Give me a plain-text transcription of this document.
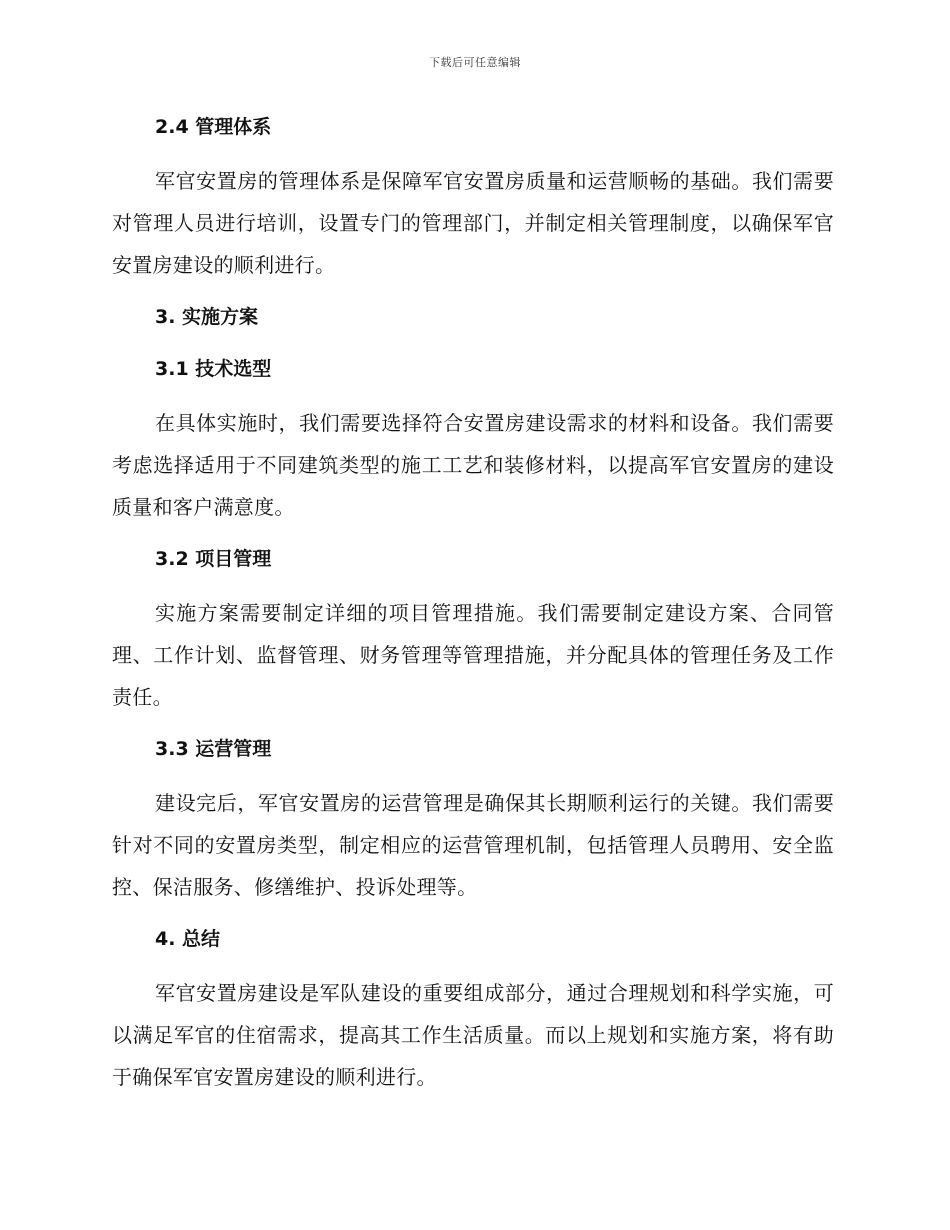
下载后可任意编辑
2.4 管理体系

军官安置房的管理体系是保障军官安置房质量和运营顺畅的基础。我们需要对管理人员进行培训，设置专门的管理部门，并制定相关管理制度，以确保军官安置房建设的顺利进行。

3. 实施方案
3.1 技术选型

在具体实施时，我们需要选择符合安置房建设需求的材料和设备。我们需要考虑选择适用于不同建筑类型的施工工艺和装修材料，以提高军官安置房的建设质量和客户满意度。

3.2 项目管理

实施方案需要制定详细的项目管理措施。我们需要制定建设方案、合同管理、工作计划、监督管理、财务管理等管理措施，并分配具体的管理任务及工作责任。

3.3 运营管理

建设完后，军官安置房的运营管理是确保其长期顺利运行的关键。我们需要针对不同的安置房类型，制定相应的运营管理机制，包括管理人员聘用、安全监控、保洁服务、修缮维护、投诉处理等。

4. 总结

军官安置房建设是军队建设的重要组成部分，通过合理规划和科学实施，可以满足军官的住宿需求，提高其工作生活质量。而以上规划和实施方案，将有助于确保军官安置房建设的顺利进行。
